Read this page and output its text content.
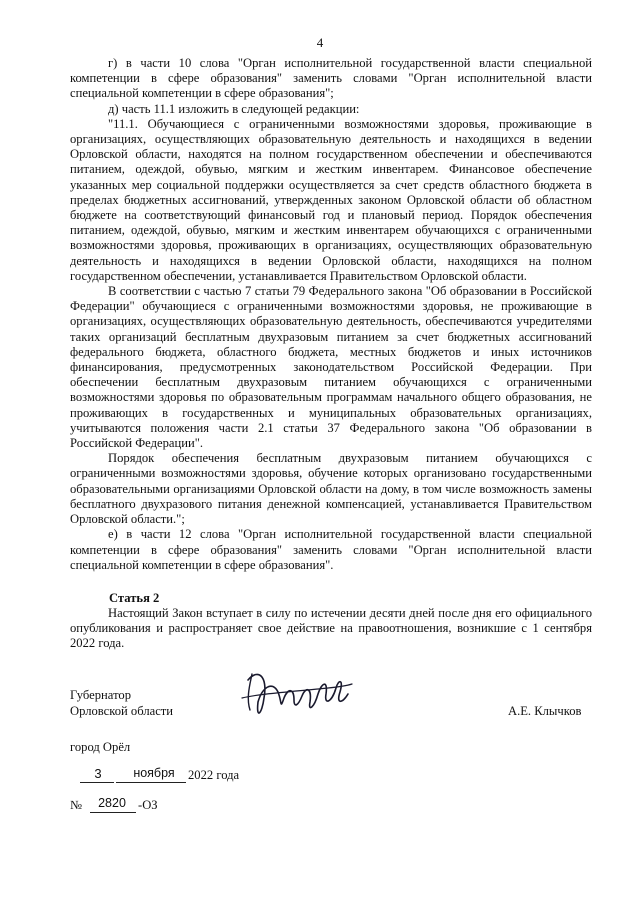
4

г) в части 10 слова "Орган исполнительной государственной власти специальной компетенции в сфере образования" заменить словами "Орган исполнительной власти специальной компетенции в сфере образования";

д) часть 11.1 изложить в следующей редакции:

"11.1. Обучающиеся с ограниченными возможностями здоровья, проживающие в организациях, осуществляющих образовательную деятельность и находящихся в ведении Орловской области, находятся на полном государственном обеспечении и обеспечиваются питанием, одеждой, обувью, мягким и жестким инвентарем. Финансовое обеспечение указанных мер социальной поддержки осуществляется за счет средств областного бюджета в пределах бюджетных ассигнований, утвержденных законом Орловской области об областном бюджете на соответствующий финансовый год и плановый период. Порядок обеспечения питанием, одеждой, обувью, мягким и жестким инвентарем обучающихся с ограниченными возможностями здоровья, проживающих в организациях, осуществляющих образовательную деятельность и находящихся в ведении Орловской области, находящихся на полном государственном обеспечении, устанавливается Правительством Орловской области.

В соответствии с частью 7 статьи 79 Федерального закона "Об образовании в Российской Федерации" обучающиеся с ограниченными возможностями здоровья, не проживающие в организациях, осуществляющих образовательную деятельность, обеспечиваются учредителями таких организаций бесплатным двухразовым питанием за счет бюджетных ассигнований федерального бюджета, областного бюджета, местных бюджетов и иных источников финансирования, предусмотренных законодательством Российской Федерации. При обеспечении бесплатным двухразовым питанием обучающихся с ограниченными возможностями здоровья по образовательным программам начального общего образования, не проживающих в государственных и муниципальных образовательных организациях, учитываются положения части 2.1 статьи 37 Федерального закона "Об образовании в Российской Федерации".

Порядок обеспечения бесплатным двухразовым питанием обучающихся с ограниченными возможностями здоровья, обучение которых организовано государственными образовательными организациями Орловской области на дому, в том числе возможность замены бесплатного двухразового питания денежной компенсацией, устанавливается Правительством Орловской области.";

е) в части 12 слова "Орган исполнительной государственной власти специальной компетенции в сфере образования" заменить словами "Орган исполнительной власти специальной компетенции в сфере образования".

Статья 2

Настоящий Закон вступает в силу по истечении десяти дней после дня его официального опубликования и распространяет свое действие на правоотношения, возникшие с 1 сентября 2022 года.

Губернатор
Орловской области	А.Е. Клычков
город Орёл
3	ноября	2022 года
№	2820 -ОЗ
